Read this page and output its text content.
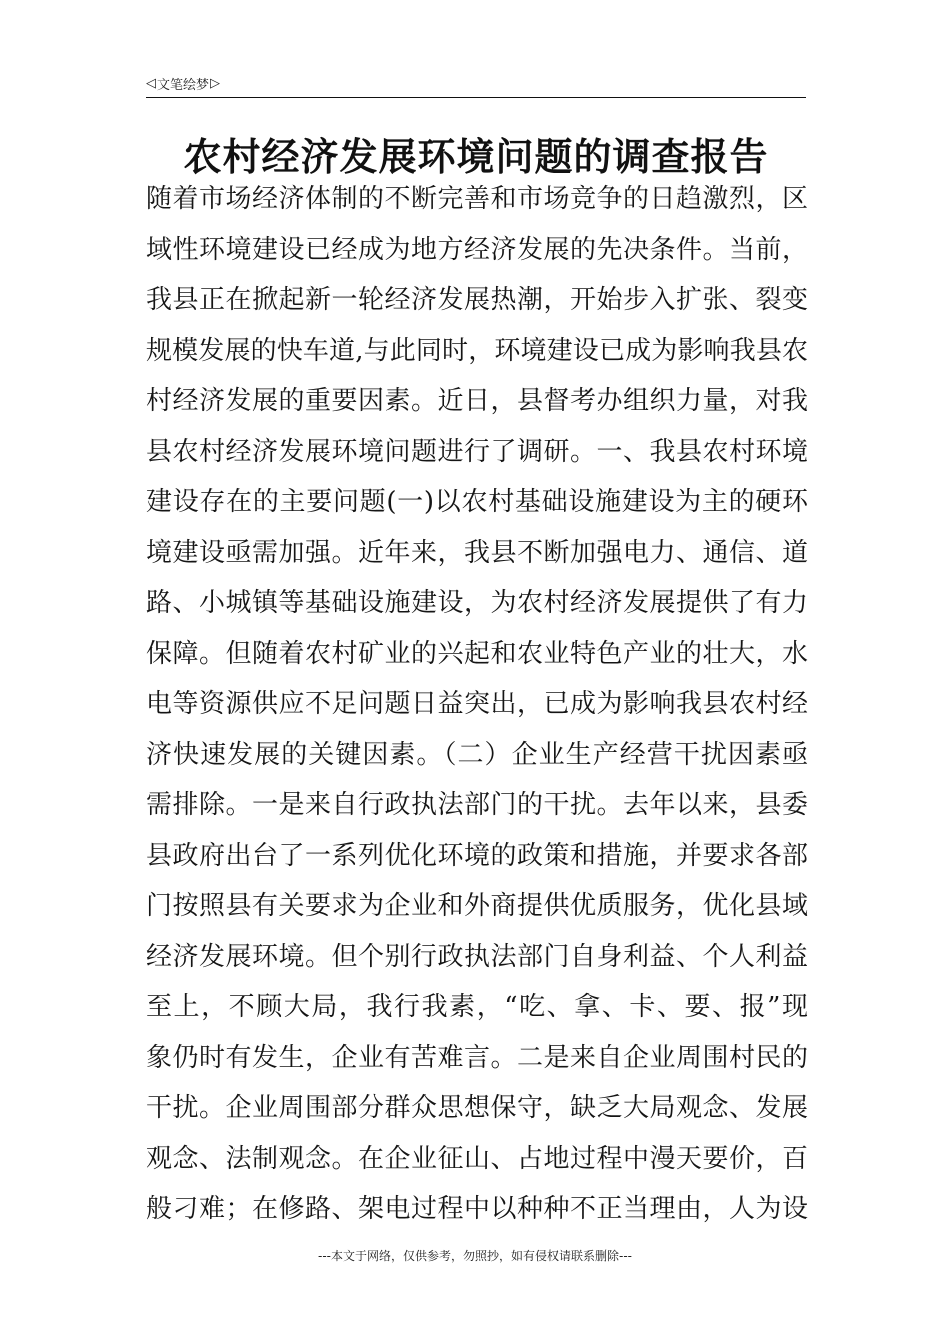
◁ 文笔绘梦 ▷
农村经济发展环境问题的调查报告
随着市场经济体制的不断完善和市场竞争的日趋激烈，区
域性环境建设已经成为地方经济发展的先决条件。当前，
我县正在掀起新一轮经济发展热潮，开始步入扩张、裂变
规模发展的快车道,与此同时，环境建设已成为影响我县农
村经济发展的重要因素。近日，县督考办组织力量，对我
县农村经济发展环境问题进行了调研。一、我县农村环境
建设存在的主要问题(一)以农村基础设施建设为主的硬环
境建设亟需加强。近年来，我县不断加强电力、通信、道
路、小城镇等基础设施建设，为农村经济发展提供了有力
保障。但随着农村矿业的兴起和农业特色产业的壮大，水
电等资源供应不足问题日益突出，已成为影响我县农村经
济快速发展的关键因素。（二）企业生产经营干扰因素亟
需排除。一是来自行政执法部门的干扰。去年以来，县委
县政府出台了一系列优化环境的政策和措施，并要求各部
门按照县有关要求为企业和外商提供优质服务，优化县域
经济发展环境。但个别行政执法部门自身利益、个人利益
至上，不顾大局，我行我素，“吃、拿、卡、要、报”现
象仍时有发生，企业有苦难言。二是来自企业周围村民的
干扰。企业周围部分群众思想保守，缺乏大局观念、发展
观念、法制观念。在企业征山、占地过程中漫天要价，百
般刁难；在修路、架电过程中以种种不正当理由，人为设
---本文于网络，仅供参考，勿照抄，如有侵权请联系删除---
